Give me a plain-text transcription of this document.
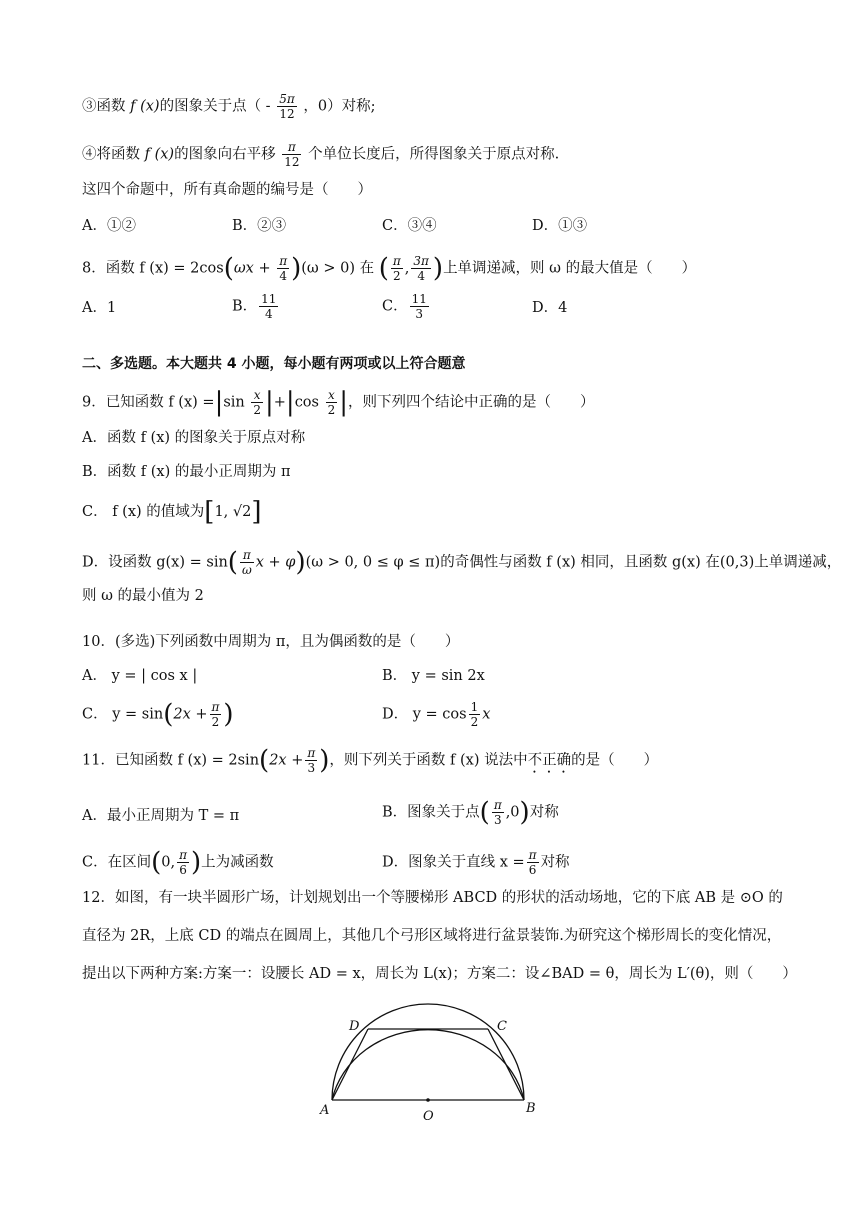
③函数 f (x)的图象关于点（ - $\frac{5\pi}{12}$ ，0）对称;
④将函数 f (x)的图象向右平移 $\frac{\pi}{12}$ 个单位长度后，所得图象关于原点对称.
这四个命题中，所有真命题的编号是（　　）
A．①②	B．②③	C．③④	D．①③
8．函数 f $(x) = 2\cos(\omega x + \frac{\pi}{4} )(\omega > 0)$ 在 ( $\frac{\pi}{2}$ , $\frac{3\pi}{4}$ )上单调递减，则 ω 的最大值是（　　）
A．1	B． $\frac{11}{4}$	C． $\frac{11}{3}$	D．4
二、多选题。本大题共 4 小题，每小题有两项或以上符合题意
9．已知函数 f $(x) =|\sin \frac{x}{2} |+|\cos \frac{x}{2}$ |，则下列四个结论中正确的是（　　）
A．函数 f (x) 的图象关于原点对称
B．函数 f (x) 的最小正周期为 π
C． f (x) 的值域为[1, √2]
D．设函数 $g(x) = \sin( \frac{\pi}{\omega}$ x + φ)(ω > 0, 0 ≤ φ ≤ π)的奇偶性与函数 f (x) 相同，且函数 g(x) 在(0,3)上单调递减，
则 ω 的最小值为 2
10．(多选)下列函数中周期为 π，且为偶函数的是（　　）
A． y = | cos x |	B． y = sin 2x
C． $y = \sin(2x + \frac{\pi}{2}$ )	D． $y = \cos \frac{1}{2}$ x
11．已知函数 f $(x) = 2\sin(2x + \frac{\pi}{3}$ )，则下列关于函数 f (x) 说法中不正确的是（　　）
A．最小正周期为 T = π	B．图象关于点( $\frac{\pi}{3} ,0$)对称
C．在区间(0, $\frac{\pi}{6}$ )上为减函数	D．图象关于直线 $x = \frac{\pi}{6}$ 对称
12．如图，有一块半圆形广场，计划规划出一个等腰梯形 ABCD 的形状的活动场地，它的下底 AB 是 ⊙O 的
直径为 2R，上底 CD 的端点在圆周上，其他几个弓形区域将进行盆景装饰.为研究这个梯形周长的变化情况，
提出以下两种方案:方案一：设腰长 AD = x，周长为 L(x)；方案二：设∠BAD = θ，周长为 L′(θ)，则（　　）
A	B
C
D
O
